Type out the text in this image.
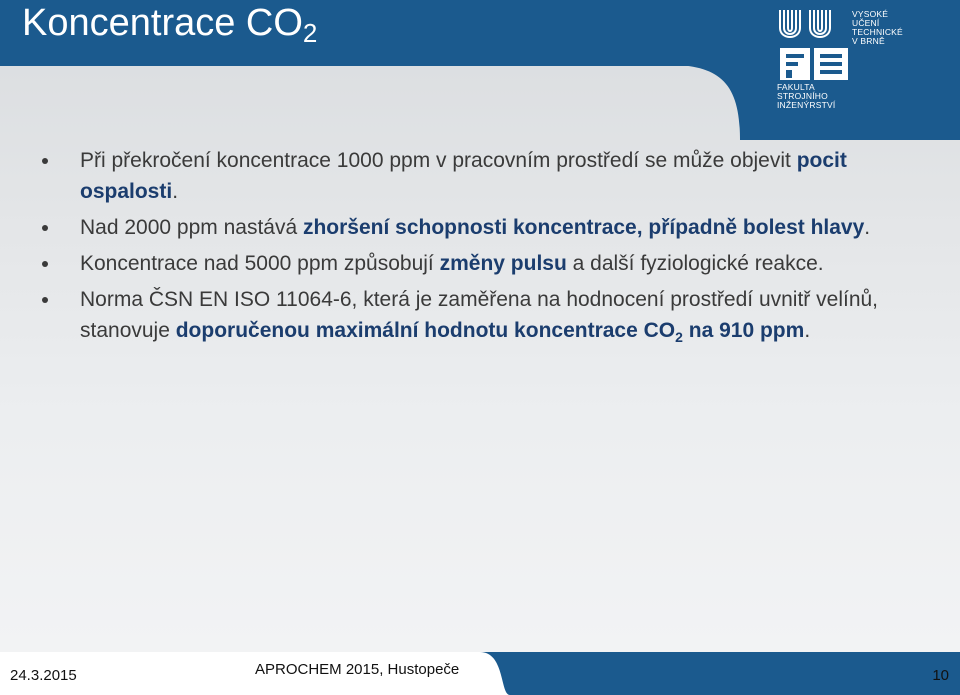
Koncentrace $CO_2$
VYSOKÉ
UČENÍ
TECHNICKÉ
V BRNĚ
FAKULTA
STROJNÍHO
INŽENÝRSTVÍ
Při překročení koncentrace 1000 ppm v pracovním prostředí se může objevit pocit ospalosti.
Nad 2000 ppm nastává zhoršení schopnosti koncentrace, případně bolest hlavy.
Koncentrace nad 5000 ppm způsobují změny pulsu a další fyziologické reakce.
Norma ČSN EN ISO 11064-6, která je zaměřena na hodnocení prostředí uvnitř velínů, stanovuje doporučenou maximální hodnotu koncentrace $CO_2$ na 910 ppm.
24.3.2015	APROCHEM 2015, Hustopeče	10
